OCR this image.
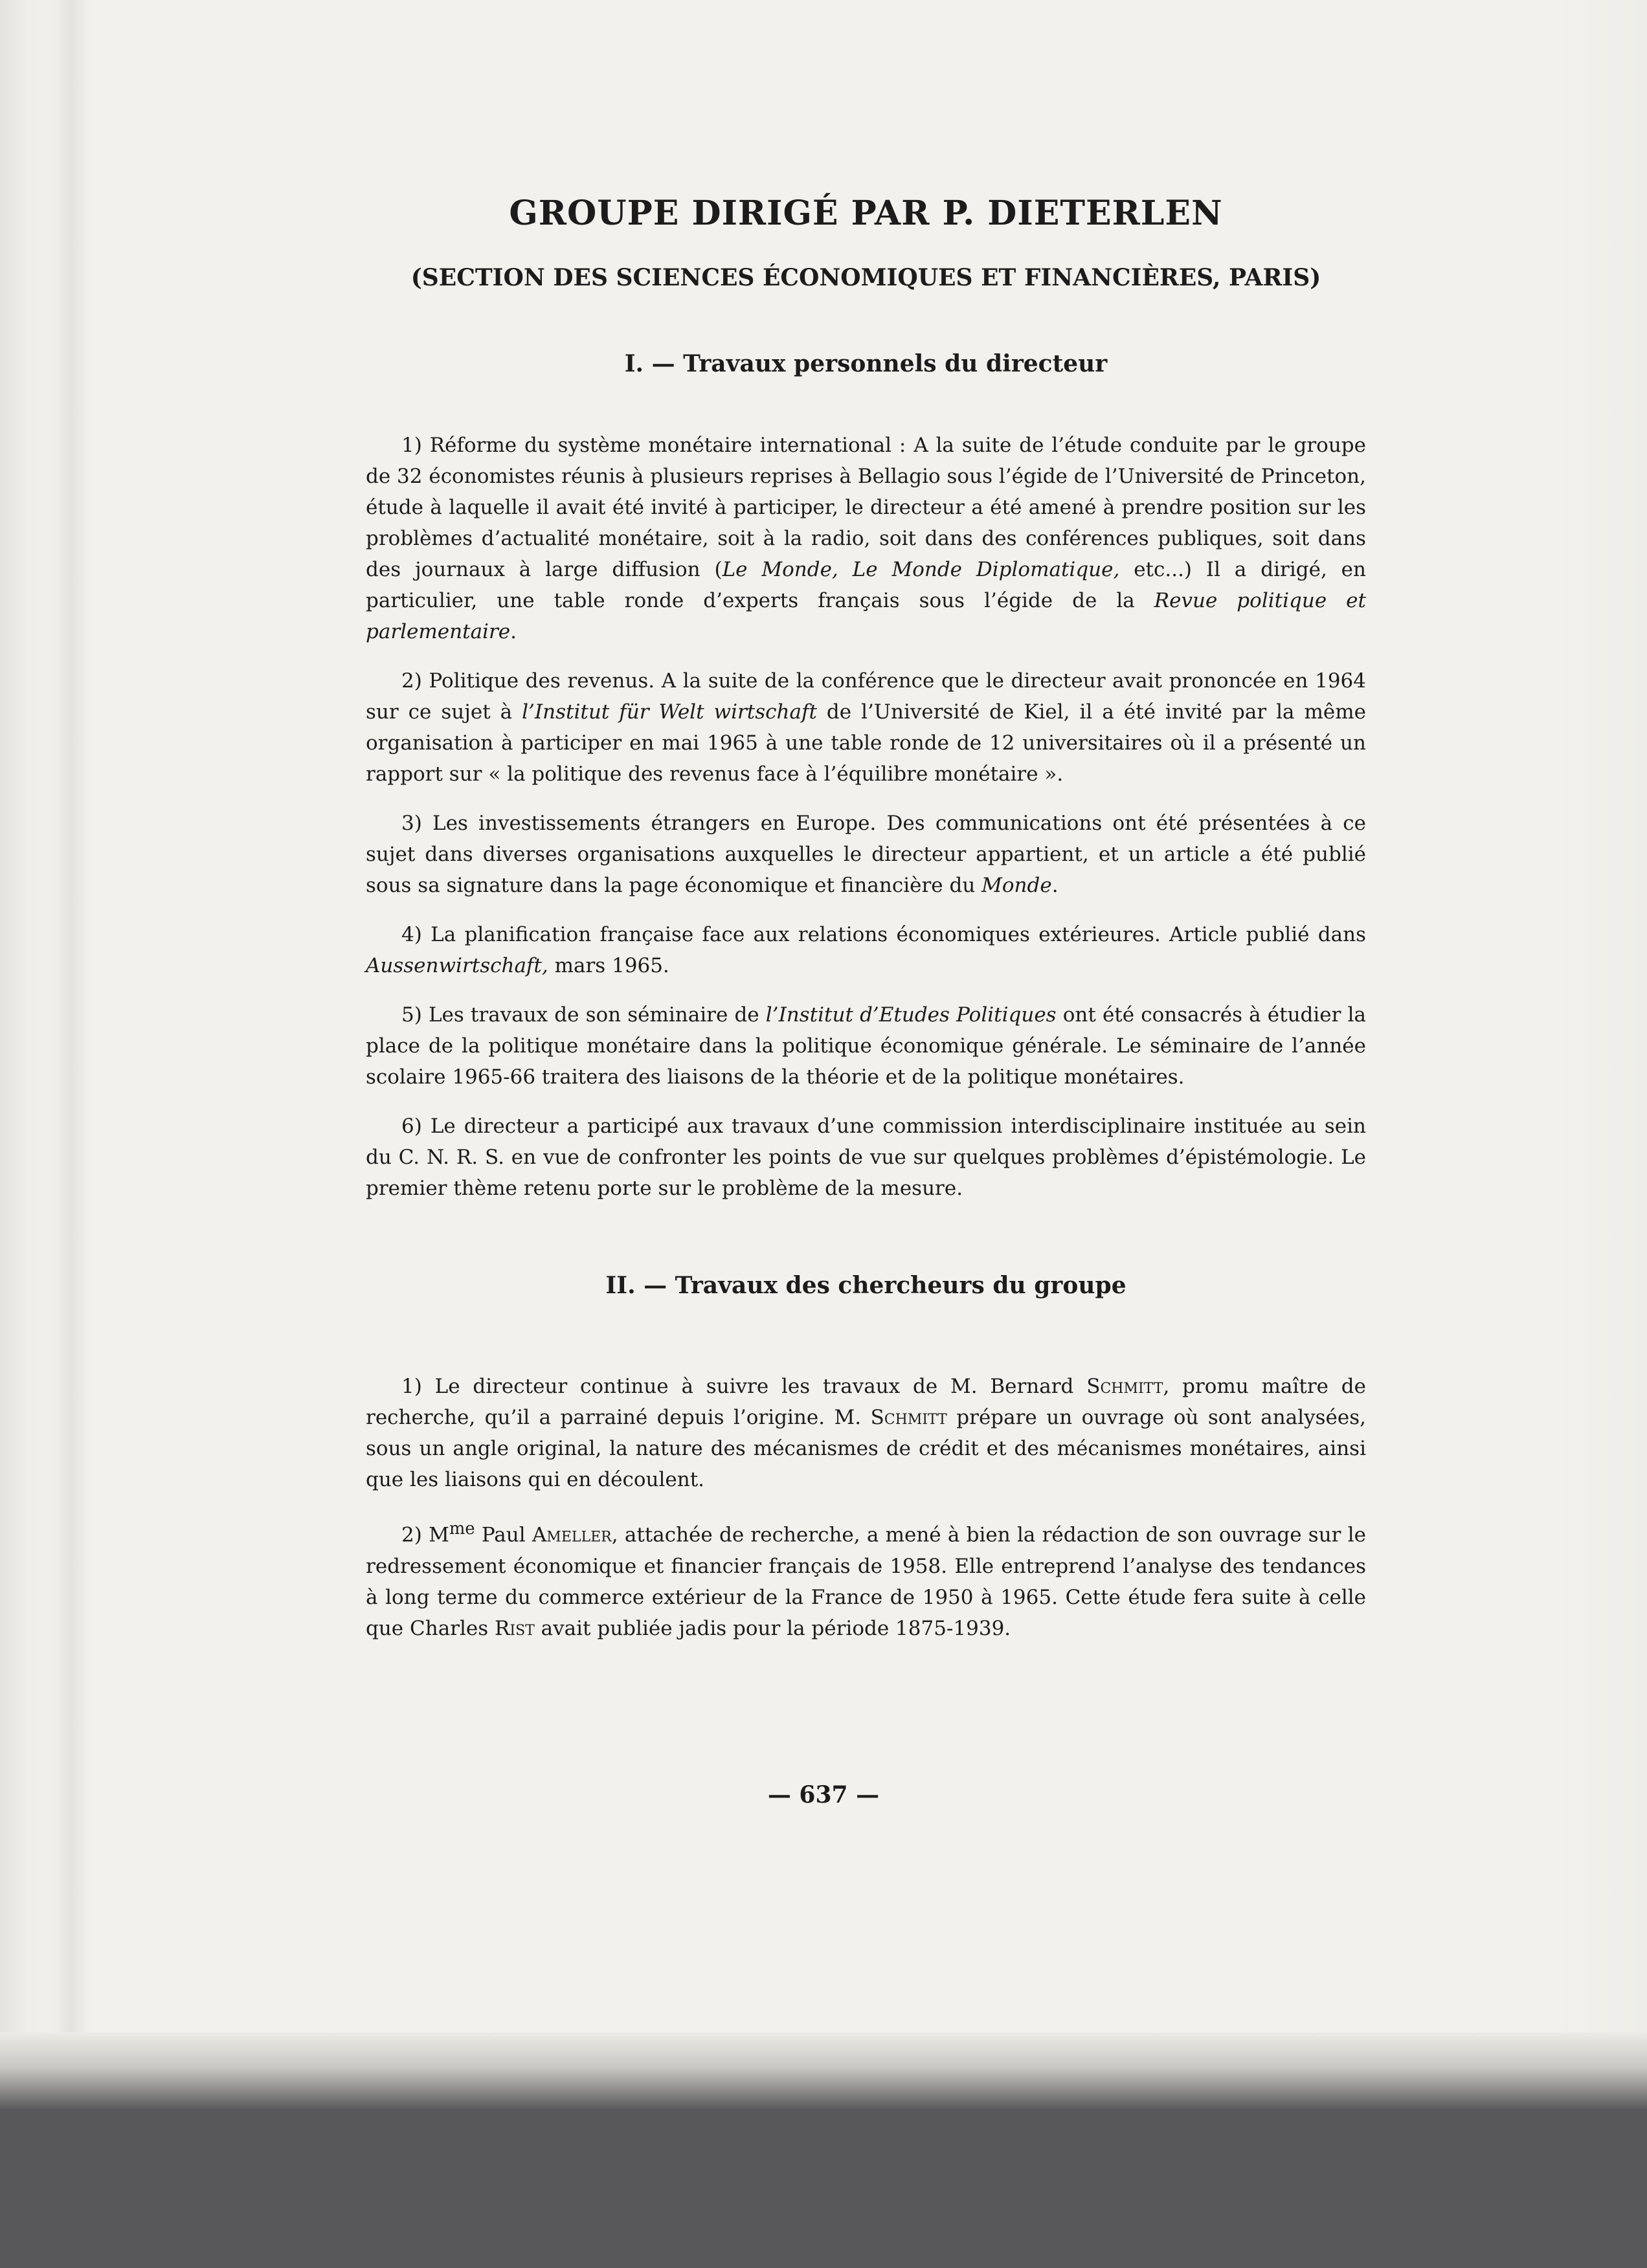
GROUPE DIRIGÉ PAR P. DIETERLEN
(SECTION DES SCIENCES ÉCONOMIQUES ET FINANCIÈRES, PARIS)
I. — Travaux personnels du directeur

1) Réforme du système monétaire international : A la suite de l’étude conduite par le groupe de 32 économistes réunis à plusieurs reprises à Bellagio sous l’égide de l’Université de Princeton, étude à laquelle il avait été invité à participer, le directeur a été amené à prendre position sur les problèmes d’actualité monétaire, soit à la radio, soit dans des conférences publiques, soit dans des journaux à large diffusion (Le Monde, Le Monde Diplomatique, etc...) Il a dirigé, en particulier, une table ronde d’experts français sous l’égide de la Revue politique et parlementaire.

2) Politique des revenus. A la suite de la conférence que le directeur avait prononcée en 1964 sur ce sujet à l’Institut für Welt wirtschaft de l’Université de Kiel, il a été invité par la même organisation à participer en mai 1965 à une table ronde de 12 universitaires où il a présenté un rapport sur « la politique des revenus face à l’équilibre monétaire ».

3) Les investissements étrangers en Europe. Des communications ont été présentées à ce sujet dans diverses organisations auxquelles le directeur appartient, et un article a été publié sous sa signature dans la page économique et financière du Monde.

4) La planification française face aux relations économiques extérieures. Article publié dans Aussenwirtschaft, mars 1965.

5) Les travaux de son séminaire de l’Institut d’Etudes Politiques ont été consacrés à étudier la place de la politique monétaire dans la politique économique générale. Le séminaire de l’année scolaire 1965-66 traitera des liaisons de la théorie et de la politique monétaires.

6) Le directeur a participé aux travaux d’une commission interdisciplinaire instituée au sein du C. N. R. S. en vue de confronter les points de vue sur quelques problèmes d’épistémologie. Le premier thème retenu porte sur le problème de la mesure.

II. — Travaux des chercheurs du groupe

1) Le directeur continue à suivre les travaux de M. Bernard Schmitt, promu maître de recherche, qu’il a parrainé depuis l’origine. M. Schmitt prépare un ouvrage où sont analysées, sous un angle original, la nature des mécanismes de crédit et des mécanismes monétaires, ainsi que les liaisons qui en découlent.

2) $M^{me}$ Paul Ameller, attachée de recherche, a mené à bien la rédaction de son ouvrage sur le redressement économique et financier français de 1958. Elle entreprend l’analyse des tendances à long terme du commerce extérieur de la France de 1950 à 1965. Cette étude fera suite à celle que Charles Rist avait publiée jadis pour la période 1875-1939.

— 637 —
